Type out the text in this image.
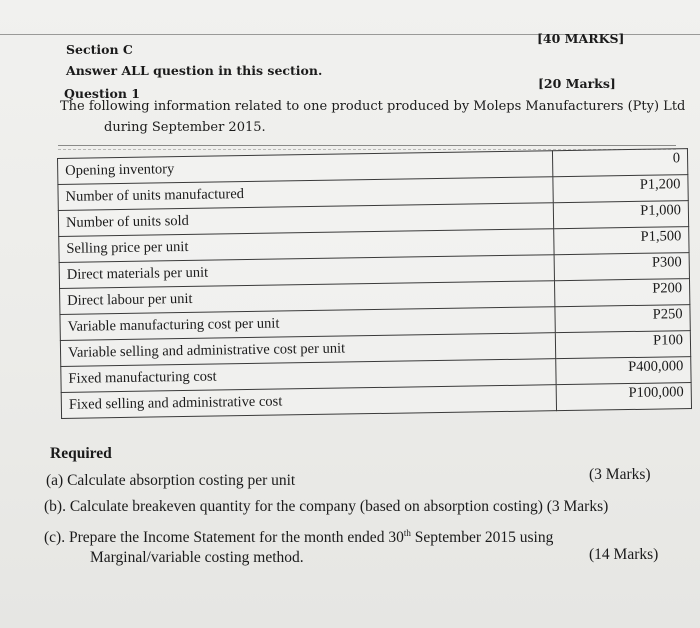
Section C
[40 MARKS]
Answer ALL question in this section.
[20 Marks]
Question 1
The following information related to one product produced by Moleps Manufacturers (Pty) Ltd
during September 2015.
Opening inventory	0
Number of units manufactured	P1,200
Number of units sold	P1,000
Selling price per unit	P1,500
Direct materials per unit	P300
Direct labour per unit	P200
Variable manufacturing cost per unit	P250
Variable selling and administrative cost per unit	P100
Fixed manufacturing cost	P400,000
Fixed selling and administrative cost	P100,000
Required
(a) Calculate absorption costing per unit	(3 Marks)
(b). Calculate breakeven quantity for the company (based on absorption costing) (3 Marks)
(c). Prepare the Income Statement for the month ended 30th September 2015 using
Marginal/variable costing method.	(14 Marks)
